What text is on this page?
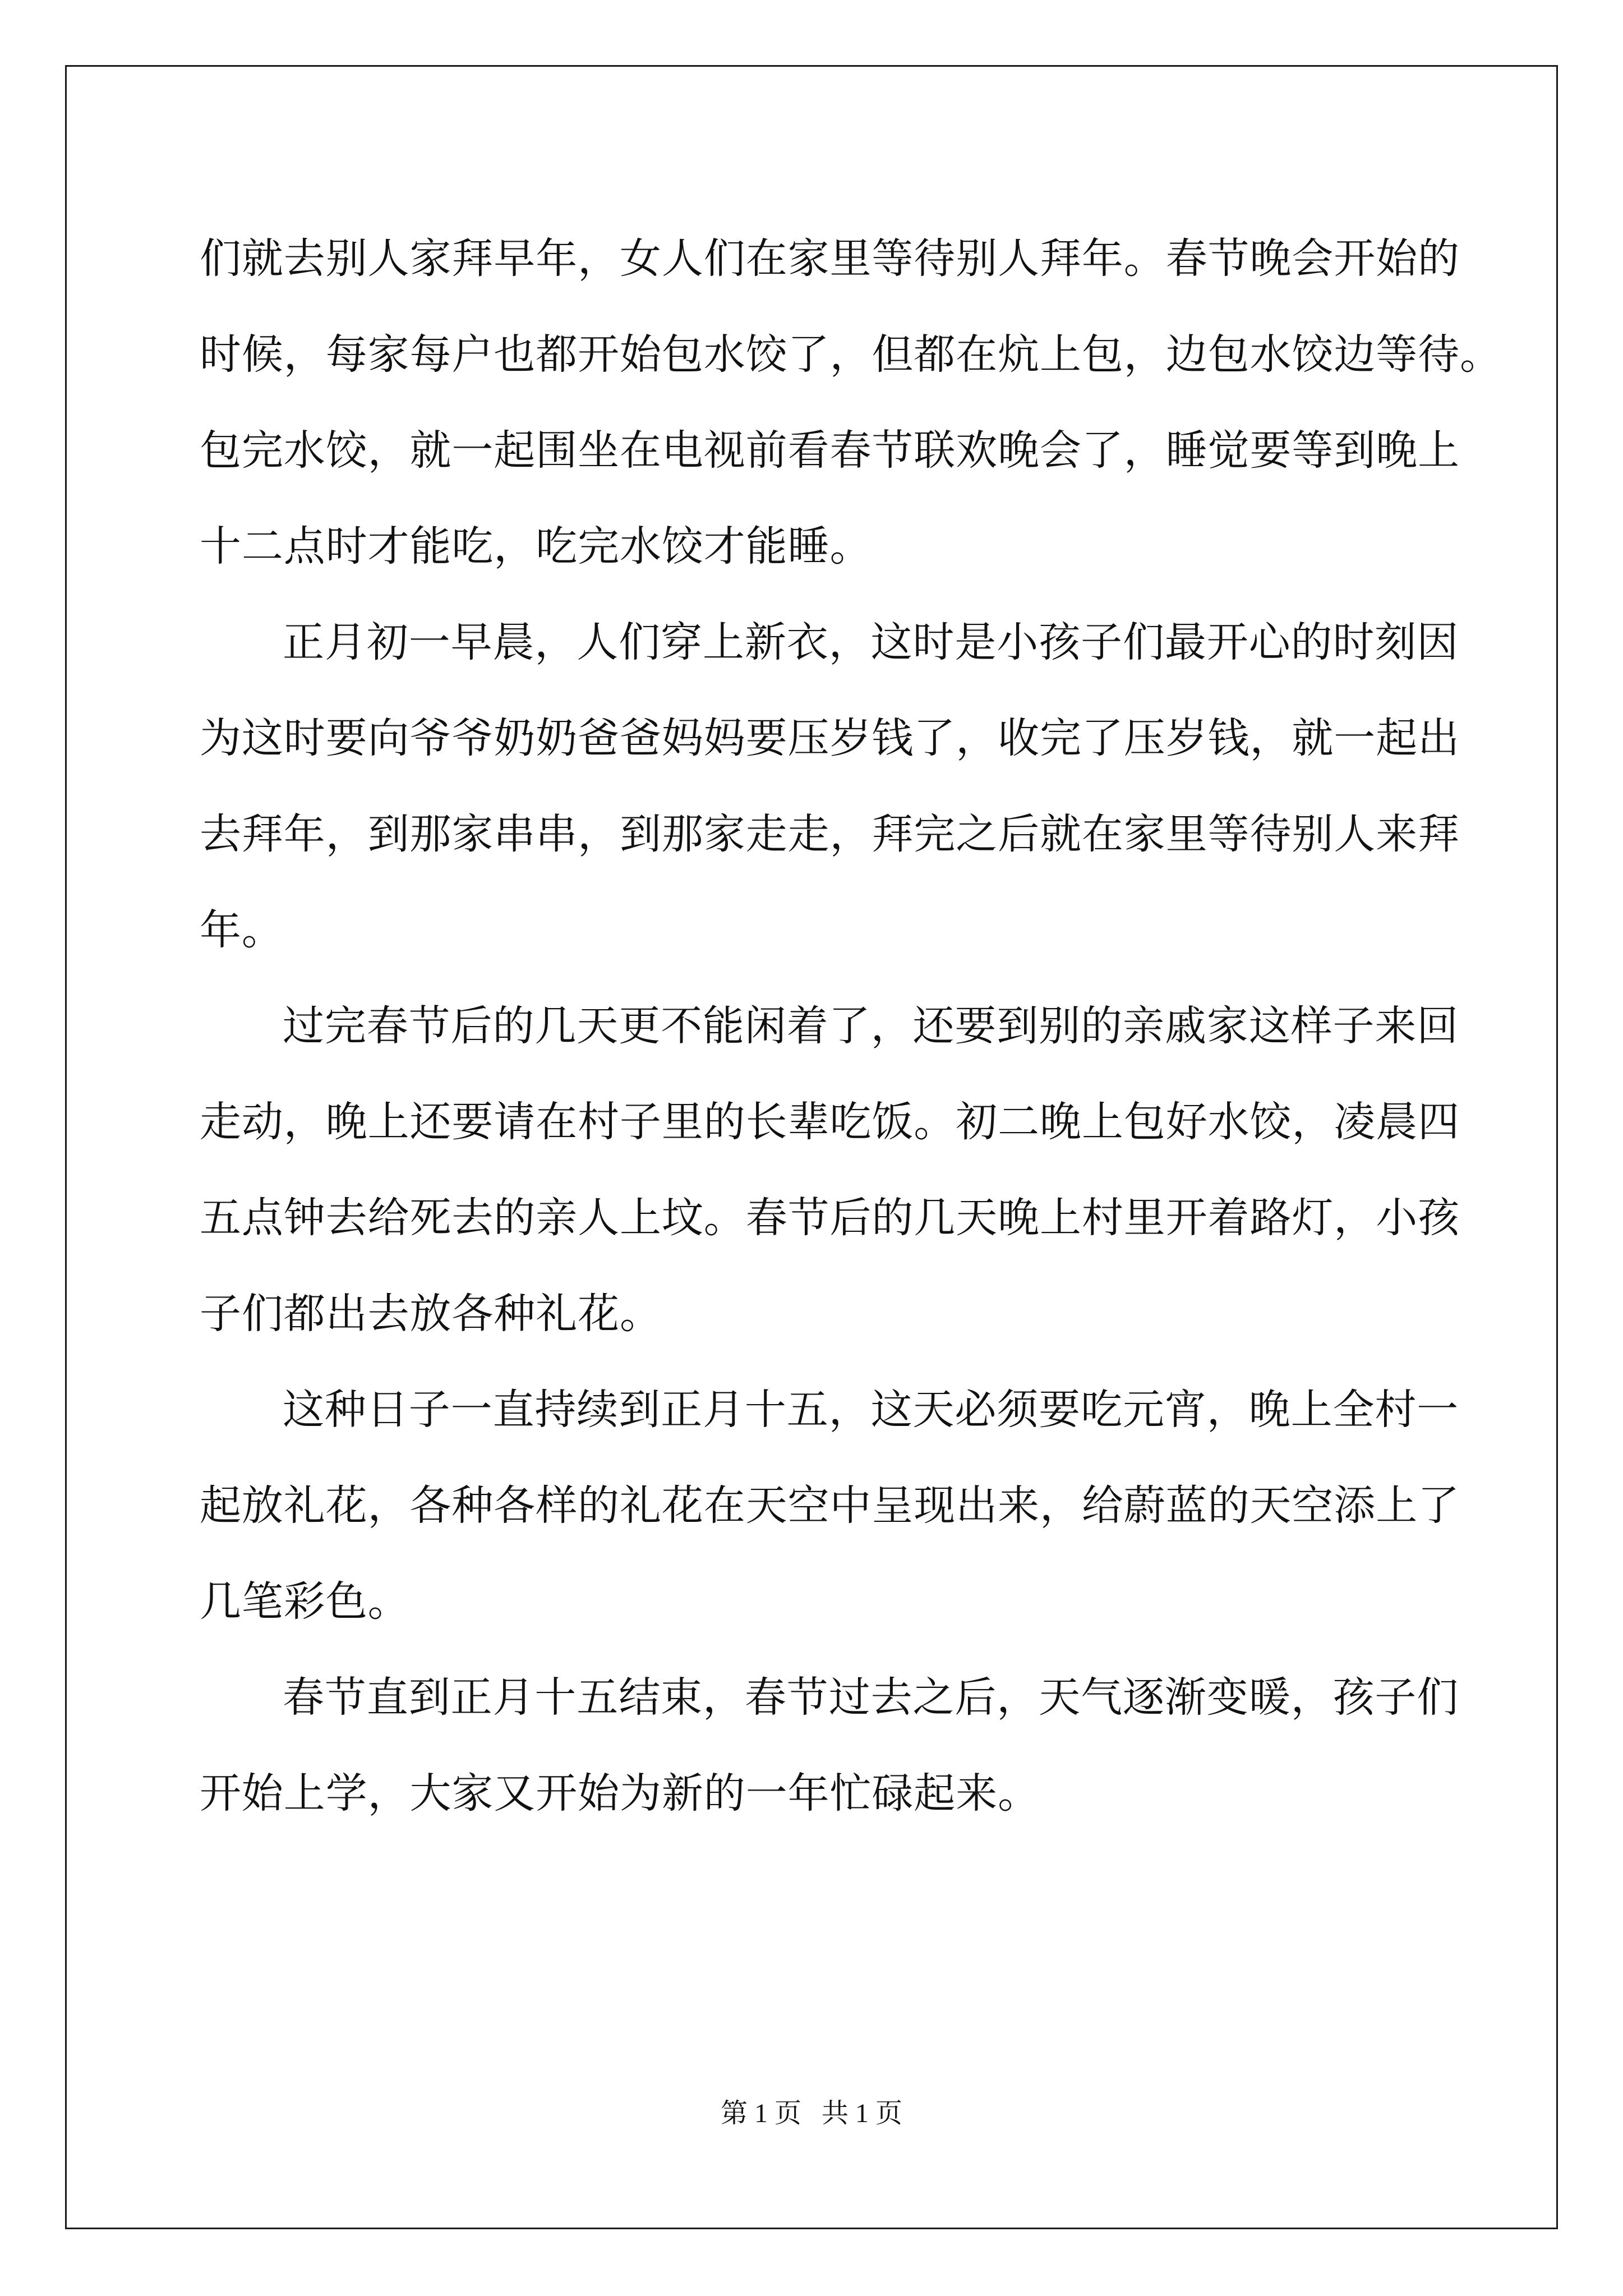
们就去别人家拜早年，女人们在家里等待别人拜年。春节晚会开始的
时候，每家每户也都开始包水饺了，但都在炕上包，边包水饺边等待。
包完水饺，就一起围坐在电视前看春节联欢晚会了，睡觉要等到晚上
十二点时才能吃，吃完水饺才能睡。
正月初一早晨，人们穿上新衣，这时是小孩子们最开心的时刻因
为这时要向爷爷奶奶爸爸妈妈要压岁钱了，收完了压岁钱，就一起出
去拜年，到那家串串，到那家走走，拜完之后就在家里等待别人来拜
年。
过完春节后的几天更不能闲着了，还要到别的亲戚家这样子来回
走动，晚上还要请在村子里的长辈吃饭。初二晚上包好水饺，凌晨四
五点钟去给死去的亲人上坟。春节后的几天晚上村里开着路灯，小孩
子们都出去放各种礼花。
这种日子一直持续到正月十五，这天必须要吃元宵，晚上全村一
起放礼花，各种各样的礼花在天空中呈现出来，给蔚蓝的天空添上了
几笔彩色。
春节直到正月十五结束，春节过去之后，天气逐渐变暖，孩子们
开始上学，大家又开始为新的一年忙碌起来。
第 1 页   共 1 页
